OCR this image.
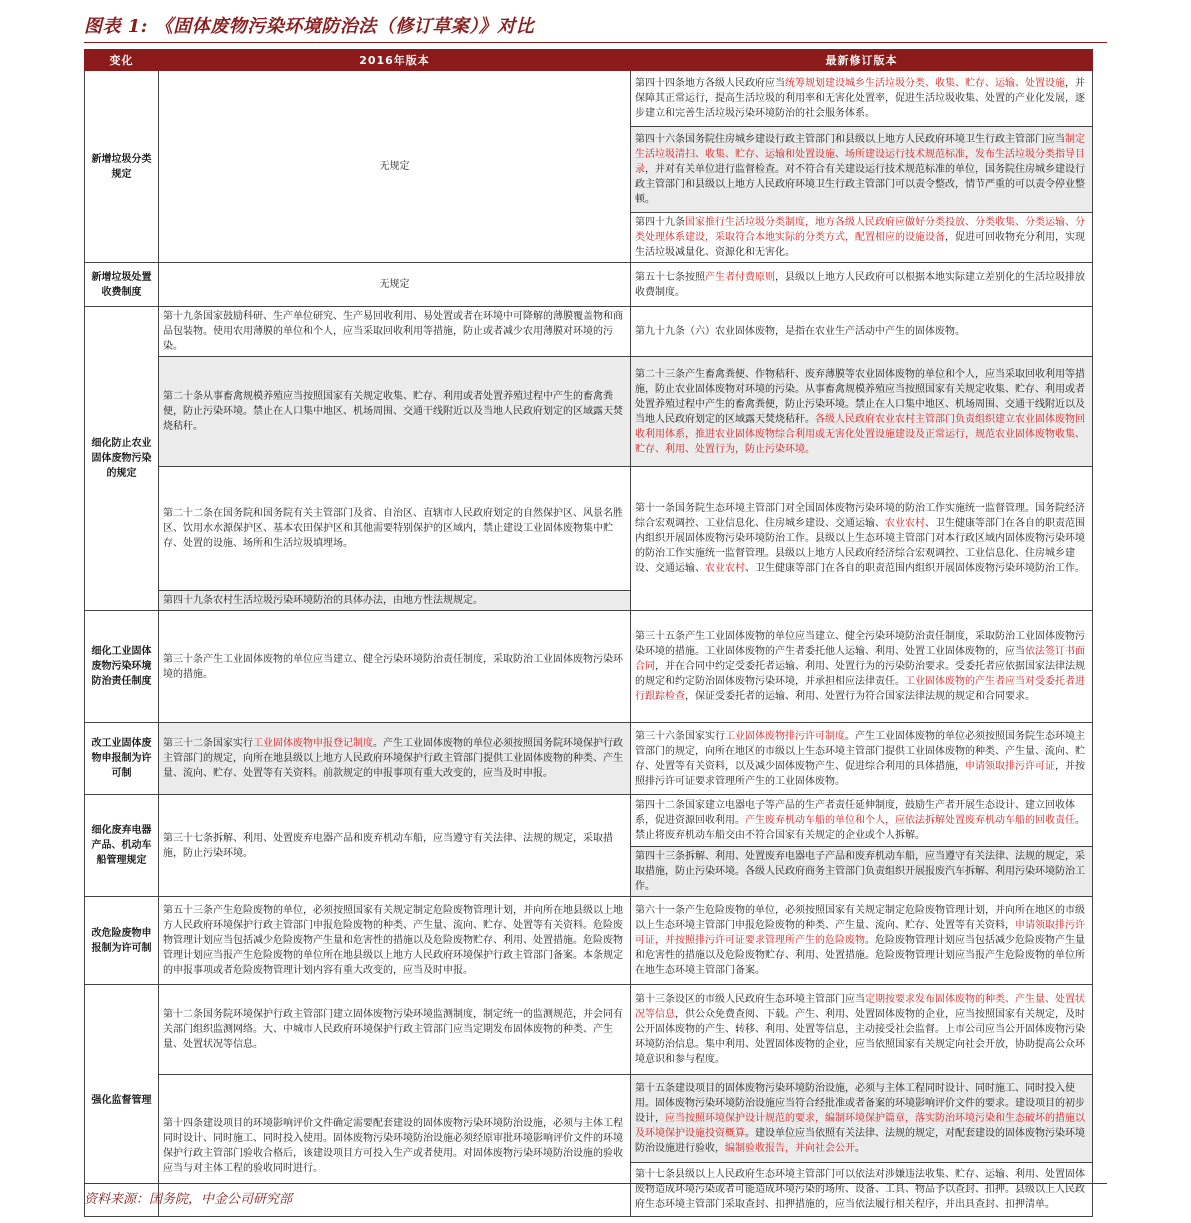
图表 1: 《固体废物污染环境防治法（修订草案）》对比
变化	2016年版本	最新修订版本
新增垃圾分类规定	无规定	第四十四条地方各级人民政府应当统筹规划建设城乡生活垃圾分类、收集、贮存、运输、处置设施，并保障其正常运行，提高生活垃圾的利用率和无害化处置率，促进生活垃圾收集、处置的产业化发展，逐步建立和完善生活垃圾污染环境防治的社会服务体系。
		第四十六条国务院住房城乡建设行政主管部门和县级以上地方人民政府环境卫生行政主管部门应当制定生活垃圾清扫、收集、贮存、运输和处置设施、场所建设运行技术规范标准，发布生活垃圾分类指导目录，并对有关单位进行监督检查。对不符合有关建设运行技术规范标准的单位，国务院住房城乡建设行政主管部门和县级以上地方人民政府环境卫生行政主管部门可以责令整改，情节严重的可以责令停业整顿。
		第四十九条国家推行生活垃圾分类制度，地方各级人民政府应做好分类投放、分类收集、分类运输、分类处理体系建设，采取符合本地实际的分类方式，配置相应的设施设备，促进可回收物充分利用，实现生活垃圾减量化、资源化和无害化。
新增垃圾处置收费制度	无规定	第五十七条按照产生者付费原则，县级以上地方人民政府可以根据本地实际建立差别化的生活垃圾排放收费制度。
细化防止农业固体废物污染的规定	第十九条国家鼓励科研、生产单位研究、生产易回收利用、易处置或者在环境中可降解的薄膜覆盖物和商品包装物。使用农用薄膜的单位和个人，应当采取回收利用等措施，防止或者减少农用薄膜对环境的污染。	第九十九条（六）农业固体废物，是指在农业生产活动中产生的固体废物。
	第二十条从事畜禽规模养殖应当按照国家有关规定收集、贮存、利用或者处置养殖过程中产生的畜禽粪便，防止污染环境。禁止在人口集中地区、机场周围、交通干线附近以及当地人民政府划定的区域露天焚烧秸秆。	第二十三条产生畜禽粪便、作物秸秆、废弃薄膜等农业固体废物的单位和个人，应当采取回收利用等措施，防止农业固体废物对环境的污染。从事畜禽规模养殖应当按照国家有关规定收集、贮存、利用或者处置养殖过程中产生的畜禽粪便，防止污染环境。禁止在人口集中地区、机场周围、交通干线附近以及当地人民政府划定的区域露天焚烧秸秆。各级人民政府农业农村主管部门负责组织建立农业固体废物回收利用体系，推进农业固体废物综合利用或无害化处置设施建设及正常运行，规范农业固体废物收集、贮存、利用、处置行为，防止污染环境。
	第二十二条在国务院和国务院有关主管部门及省、自治区、直辖市人民政府划定的自然保护区、风景名胜区、饮用水水源保护区、基本农田保护区和其他需要特别保护的区域内，禁止建设工业固体废物集中贮存、处置的设施、场所和生活垃圾填埋场。	第十一条国务院生态环境主管部门对全国固体废物污染环境的防治工作实施统一监督管理。国务院经济综合宏观调控、工业信息化、住房城乡建设、交通运输、农业农村、卫生健康等部门在各自的职责范围内组织开展固体废物污染环境防治工作。县级以上生态环境主管部门对本行政区域内固体废物污染环境的防治工作实施统一监督管理。县级以上地方人民政府经济综合宏观调控、工业信息化、住房城乡建设、交通运输、农业农村、卫生健康等部门在各自的职责范围内组织开展固体废物污染环境防治工作。
	第四十九条农村生活垃圾污染环境防治的具体办法，由地方性法规规定。	
细化工业固体废物污染环境防治责任制度	第三十条产生工业固体废物的单位应当建立、健全污染环境防治责任制度，采取防治工业固体废物污染环境的措施。	第三十五条产生工业固体废物的单位应当建立、健全污染环境防治责任制度，采取防治工业固体废物污染环境的措施。工业固体废物的产生者委托他人运输、利用、处置工业固体废物的，应当依法签订书面合同，并在合同中约定受委托者运输、利用、处置行为的污染防治要求。受委托者应依据国家法律法规的规定和约定防治固体废物污染环境，并承担相应法律责任。工业固体废物的产生者应当对受委托者进行跟踪检查，保证受委托者的运输、利用、处置行为符合国家法律法规的规定和合同要求。
改工业固体废物申报制为许可制	第三十二条国家实行工业固体废物申报登记制度。产生工业固体废物的单位必须按照国务院环境保护行政主管部门的规定，向所在地县级以上地方人民政府环境保护行政主管部门提供工业固体废物的种类、产生量、流向、贮存、处置等有关资料。前款规定的申报事项有重大改变的，应当及时申报。	第三十六条国家实行工业固体废物排污许可制度。产生工业固体废物的单位必须按照国务院生态环境主管部门的规定，向所在地区的市级以上生态环境主管部门提供工业固体废物的种类、产生量、流向、贮存、处置等有关资料，以及减少固体废物产生、促进综合利用的具体措施，申请领取排污许可证，并按照排污许可证要求管理所产生的工业固体废物。
细化废弃电器产品、机动车船管理规定	第三十七条拆解、利用、处置废弃电器产品和废弃机动车船，应当遵守有关法律、法规的规定，采取措施，防止污染环境。	第四十二条国家建立电器电子等产品的生产者责任延伸制度，鼓励生产者开展生态设计、建立回收体系，促进资源回收利用。产生废弃机动车船的单位和个人，应依法拆解处置废弃机动车船的回收责任。禁止将废弃机动车船交由不符合国家有关规定的企业或个人拆解。
		第四十三条拆解、利用、处置废弃电器电子产品和废弃机动车船，应当遵守有关法律、法规的规定，采取措施，防止污染环境。各级人民政府商务主管部门负责组织开展报废汽车拆解、利用污染环境防治工作。
改危险废物申报制为许可制	第五十三条产生危险废物的单位，必须按照国家有关规定制定危险废物管理计划，并向所在地县级以上地方人民政府环境保护行政主管部门申报危险废物的种类、产生量、流向、贮存、处置等有关资料。危险废物管理计划应当包括减少危险废物产生量和危害性的措施以及危险废物贮存、利用、处置措施。危险废物管理计划应当报产生危险废物的单位所在地县级以上地方人民政府环境保护行政主管部门备案。本条规定的申报事项或者危险废物管理计划内容有重大改变的，应当及时申报。	第六十一条产生危险废物的单位，必须按照国家有关规定制定危险废物管理计划，并向所在地区的市级以上生态环境主管部门申报危险废物的种类、产生量、流向、贮存、处置等有关资料，申请领取排污许可证，并按照排污许可证要求管理所产生的危险废物。危险废物管理计划应当包括减少危险废物产生量和危害性的措施以及危险废物贮存、利用、处置措施。危险废物管理计划应当报产生危险废物的单位所在地生态环境主管部门备案。
强化监督管理	第十二条国务院环境保护行政主管部门建立固体废物污染环境监测制度，制定统一的监测规范，并会同有关部门组织监测网络。大、中城市人民政府环境保护行政主管部门应当定期发布固体废物的种类、产生量、处置状况等信息。	第十三条设区的市级人民政府生态环境主管部门应当定期按要求发布固体废物的种类、产生量、处置状况等信息，供公众免费查阅、下载。产生、利用、处置固体废物的企业，应当按照国家有关规定，及时公开固体废物的产生、转移、利用、处置等信息，主动接受社会监督。上市公司应当公开固体废物污染环境防治信息。集中利用、处置固体废物的企业，应当依照国家有关规定向社会开放，协助提高公众环境意识和参与程度。
	第十四条建设项目的环境影响评价文件确定需要配套建设的固体废物污染环境防治设施，必须与主体工程同时设计、同时施工、同时投入使用。固体废物污染环境防治设施必须经原审批环境影响评价文件的环境保护行政主管部门验收合格后，该建设项目方可投入生产或者使用。对固体废物污染环境防治设施的验收应当与对主体工程的验收同时进行。	第十五条建设项目的固体废物污染环境防治设施，必须与主体工程同时设计、同时施工、同时投入使用。固体废物污染环境防治设施应当符合经批准或者备案的环境影响评价文件的要求。建设项目的初步设计，应当按照环境保护设计规范的要求，编制环境保护篇章，落实防治环境污染和生态破坏的措施以及环境保护设施投资概算。建设单位应当依照有关法律、法规的规定，对配套建设的固体废物污染环境防治设施进行验收，编制验收报告，并向社会公开。
		第十七条县级以上人民政府生态环境主管部门可以依法对涉嫌违法收集、贮存、运输、利用、处置固体废物造成环境污染或者可能造成环境污染的场所、设备、工具、物品予以查封、扣押。县级以上人民政府生态环境主管部门采取查封、扣押措施的，应当依法履行相关程序，并出具查封、扣押清单。
资料来源：国务院，中金公司研究部
